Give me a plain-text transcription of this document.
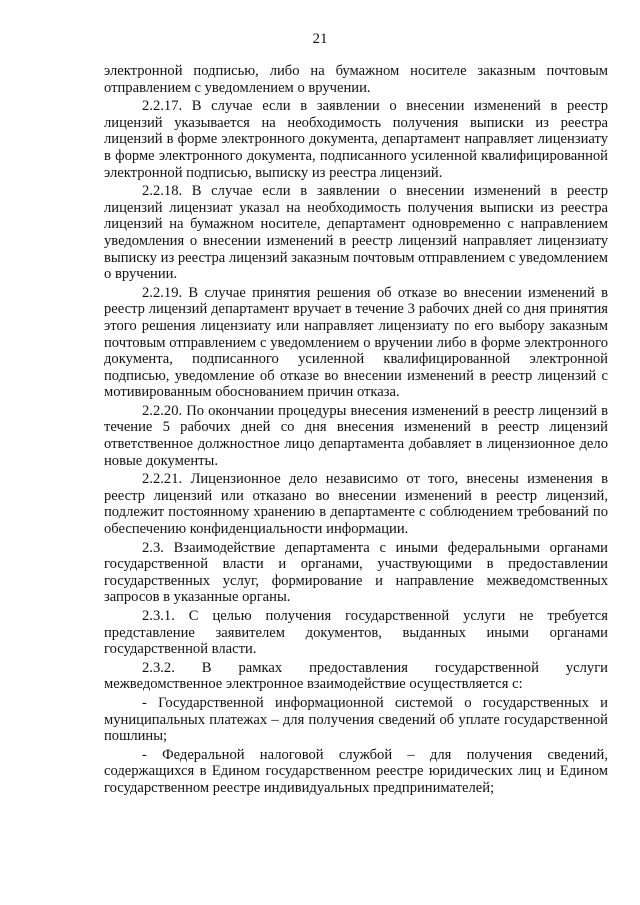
21

электронной подписью, либо на бумажном носителе заказным почтовым отправлением с уведомлением о вручении.

2.2.17. В случае если в заявлении о внесении изменений в реестр лицензий указывается на необходимость получения выписки из реестра лицензий в форме электронного документа, департамент направляет лицензиату в форме электронного документа, подписанного усиленной квалифицированной электронной подписью, выписку из реестра лицензий.

2.2.18. В случае если в заявлении о внесении изменений в реестр лицензий лицензиат указал на необходимость получения выписки из реестра лицензий на бумажном носителе, департамент одновременно с направлением уведомления о внесении изменений в реестр лицензий направляет лицензиату выписку из реестра лицензий заказным почтовым отправлением с уведомлением о вручении.

2.2.19. В случае принятия решения об отказе во внесении изменений в реестр лицензий департамент вручает в течение 3 рабочих дней со дня принятия этого решения лицензиату или направляет лицензиату по его выбору заказным почтовым отправлением с уведомлением о вручении либо в форме электронного документа, подписанного усиленной квалифицированной электронной подписью, уведомление об отказе во внесении изменений в реестр лицензий с мотивированным обоснованием причин отказа.

2.2.20. По окончании процедуры внесения изменений в реестр лицензий в течение 5 рабочих дней со дня внесения изменений в реестр лицензий ответственное должностное лицо департамента добавляет в лицензионное дело новые документы.

2.2.21. Лицензионное дело независимо от того, внесены изменения в реестр лицензий или отказано во внесении изменений в реестр лицензий, подлежит постоянному хранению в департаменте с соблюдением требований по обеспечению конфиденциальности информации.

2.3. Взаимодействие департамента с иными федеральными органами государственной власти и органами, участвующими в предоставлении государственных услуг, формирование и направление межведомственных запросов в указанные органы.

2.3.1. С целью получения государственной услуги не требуется представление заявителем документов, выданных иными органами государственной власти.

2.3.2. В рамках предоставления государственной услуги межведомственное электронное взаимодействие осуществляется с:

- Государственной информационной системой о государственных и муниципальных платежах – для получения сведений об уплате государственной пошлины;

- Федеральной налоговой службой – для получения сведений, содержащихся в Едином государственном реестре юридических лиц и Едином государственном реестре индивидуальных предпринимателей;
